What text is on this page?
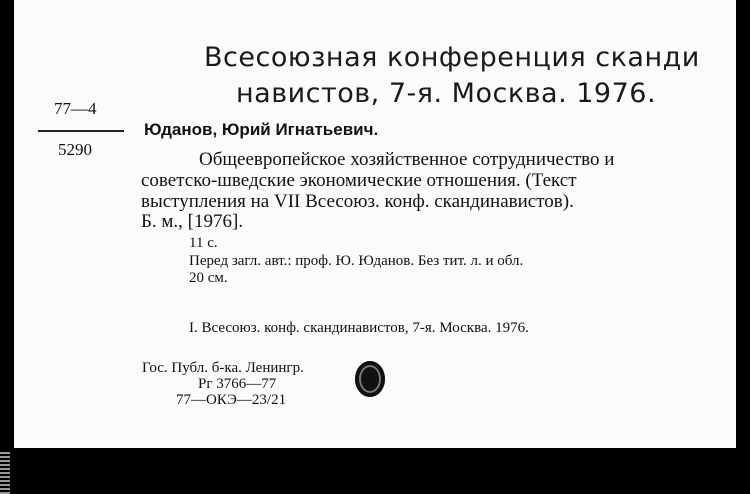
Всесоюзная конференция сканди
навистов, 7-я. Москва. 1976.
77—4
5290
Юданов, Юрий Игнатьевич.
Общеевропейское хозяйственное сотрудничество и
советско-шведские экономические отношения. (Текст
выступления на VII Всесоюз. конф. скандинавистов).
Б. м., [1976].
11 с.
Перед загл. авт.: проф. Ю. Юданов. Без тит. л. и обл.
20 см.
I. Всесоюз. конф. скандинавистов, 7-я. Москва. 1976.
Гос. Публ. б-ка. Ленингр.
Рг 3766—77
77—ОКЭ—23/21
